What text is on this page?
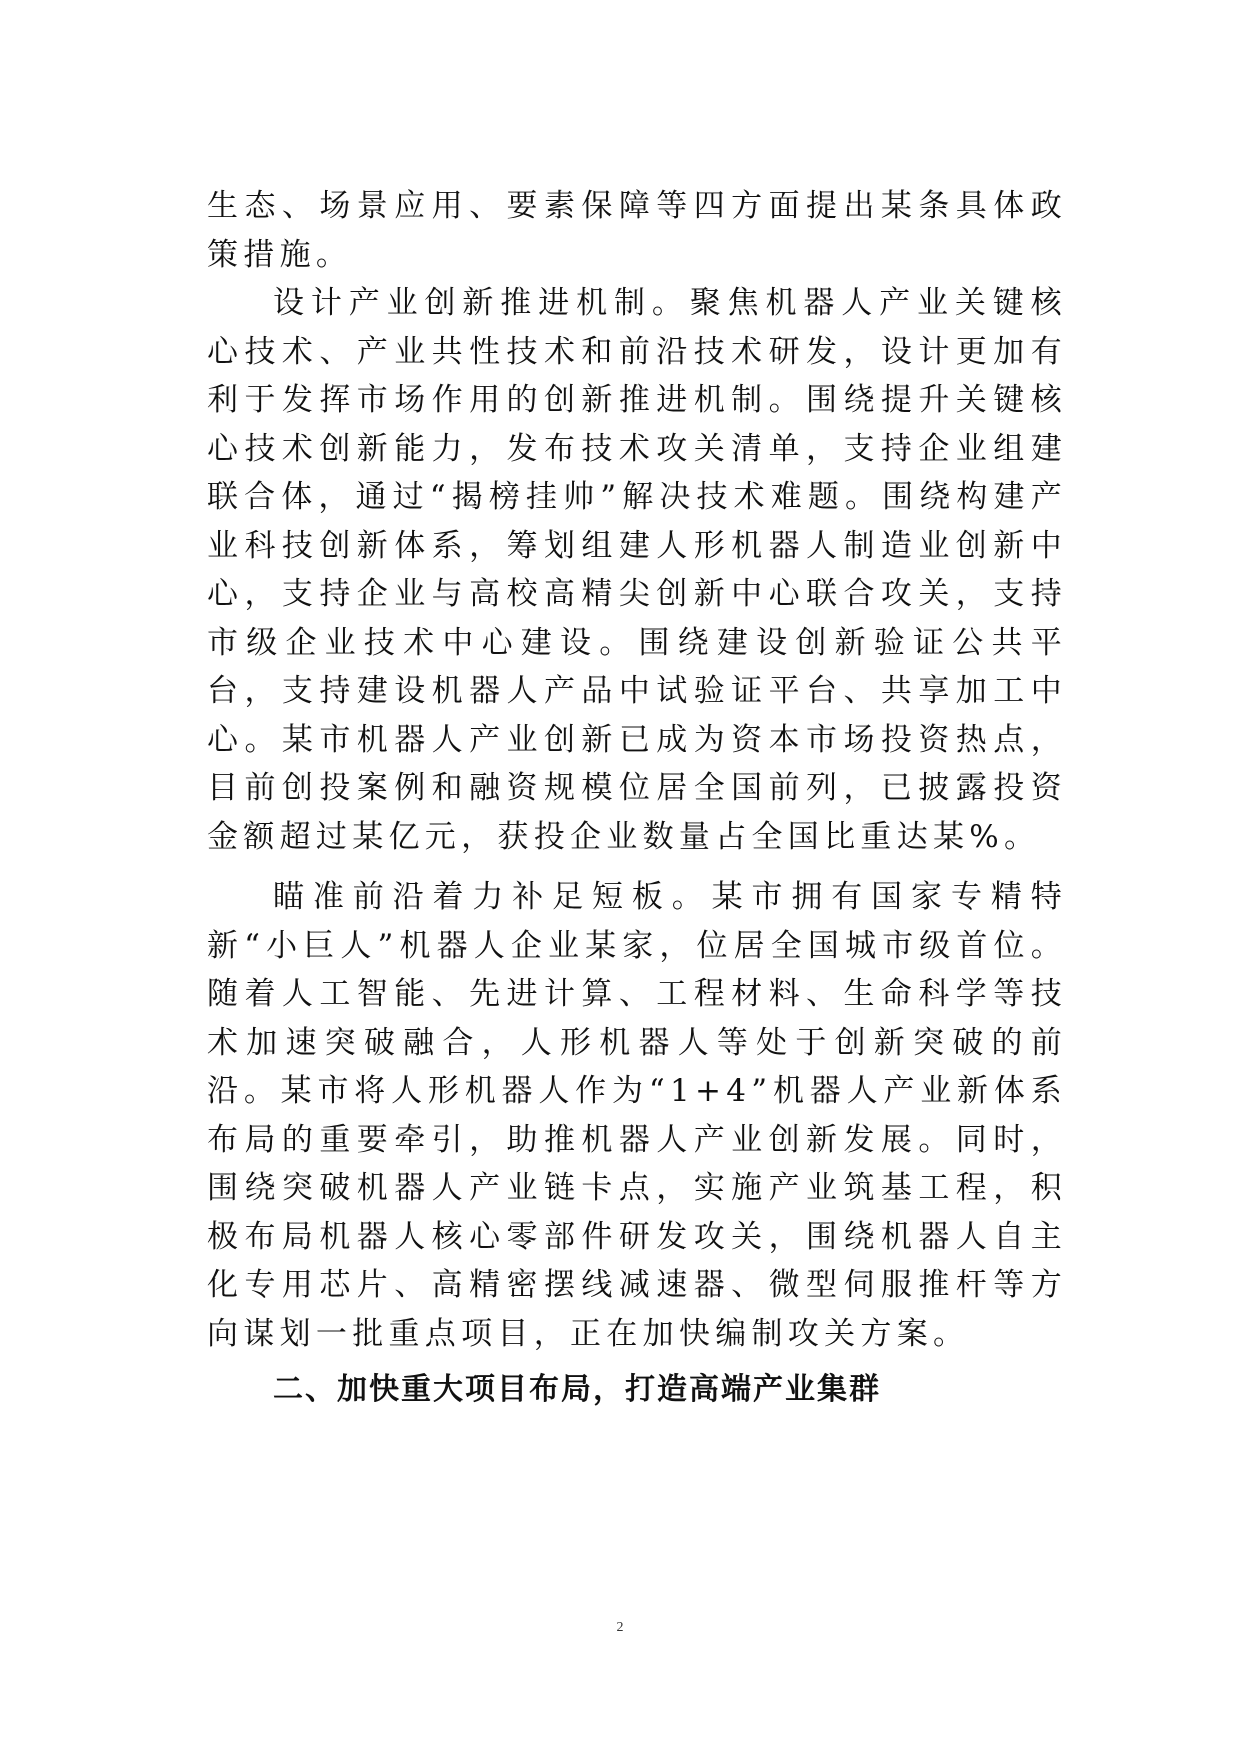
生态、场景应用、要素保障等四方面提出某条具体政策措施。

设计产业创新推进机制。聚焦机器人产业关键核心技术、产业共性技术和前沿技术研发，设计更加有利于发挥市场作用的创新推进机制。围绕提升关键核心技术创新能力，发布技术攻关清单，支持企业组建联合体，通过“揭榜挂帅”解决技术难题。围绕构建产业科技创新体系，筹划组建人形机器人制造业创新中心，支持企业与高校高精尖创新中心联合攻关，支持市级企业技术中心建设。围绕建设创新验证公共平台，支持建设机器人产品中试验证平台、共享加工中心。某市机器人产业创新已成为资本市场投资热点，目前创投案例和融资规模位居全国前列，已披露投资金额超过某亿元，获投企业数量占全国比重达某%。

瞄准前沿着力补足短板。某市拥有国家专精特新“小巨人”机器人企业某家，位居全国城市级首位。随着人工智能、先进计算、工程材料、生命科学等技术加速突破融合，人形机器人等处于创新突破的前沿。某市将人形机器人作为“1+4”机器人产业新体系布局的重要牵引，助推机器人产业创新发展。同时，围绕突破机器人产业链卡点，实施产业筑基工程，积极布局机器人核心零部件研发攻关，围绕机器人自主化专用芯片、高精密摆线减速器、微型伺服推杆等方向谋划一批重点项目，正在加快编制攻关方案。

二、加快重大项目布局，打造高端产业集群
2
